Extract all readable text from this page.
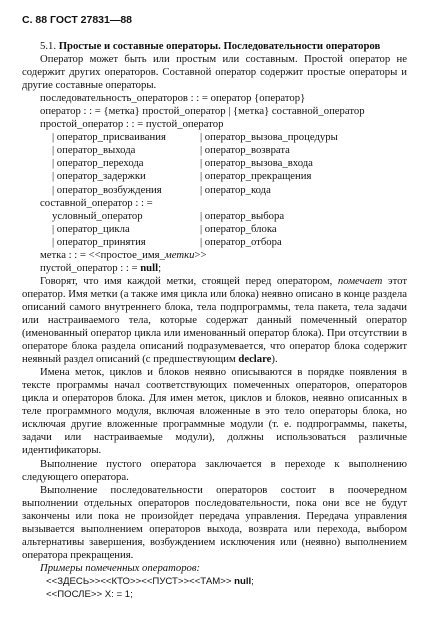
С. 88 ГОСТ 27831—88

5.1. Простые и составные операторы. Последовательности операторов

Оператор может быть или простым или составным. Простой оператор не содержит других операторов. Составной оператор содержит простые операторы и другие составные операторы.

последовательность_операторов : : = оператор {оператор}

оператор : : = {метка} простой_оператор | {метка} составной_оператор

простой_оператор : : = пустой_оператор

| оператор_присваивания	| оператор_вызова_процедуры
| оператор_выхода	| оператор_возврата
| оператор_перехода	| оператор_вызова_входа
| оператор_задержки	| оператор_прекращения
| оператор_возбуждения	| оператор_кода

составной_оператор : : =

условный_оператор	| оператор_выбора
| оператор_цикла	| оператор_блока
| оператор_принятия	| оператор_отбора

метка : : = <<простое_имя_метки>>

пустой_оператор : : = null;

Говорят, что имя каждой метки, стоящей перед оператором, помечает этот оператор. Имя метки (а также имя цикла или блока) неявно описано в конце раздела описаний самого внутреннего блока, тела подпрограммы, тела пакета, тела задачи или настраиваемого тела, которые содержат данный помеченный оператор (именованный оператор цикла или именованный оператор блока). При отсутствии в операторе блока раздела описаний подразумевается, что оператор блока содержит неявный раздел описаний (с предшествующим declare).

Имена меток, циклов и блоков неявно описываются в порядке появления в тексте программы начал соответствующих помеченных операторов, операторов цикла и операторов блока. Для имен меток, циклов и блоков, неявно описанных в теле программного модуля, включая вложенные в это тело операторы блока, но исключая другие вложенные программные модули (т. е. подпрограммы, пакеты, задачи или настраиваемые модули), должны использоваться различные идентификаторы.

Выполнение пустого оператора заключается в переходе к выполнению следующего оператора.

Выполнение последовательности операторов состоит в поочередном выполнении отдельных операторов последовательности, пока они все не будут закончены или пока не произойдет передача управления. Передача управления вызывается выполнением операторов выхода, возврата или перехода, выбором альтернативы завершения, возбуждением исключения или (неявно) выполнением оператора прекращения.

Примеры помеченных операторов:

<<ЗДЕСЬ>><<КТО>><<ПУСТ>><<ТАМ>> null;

<<ПОСЛЕ>> X: = 1;
